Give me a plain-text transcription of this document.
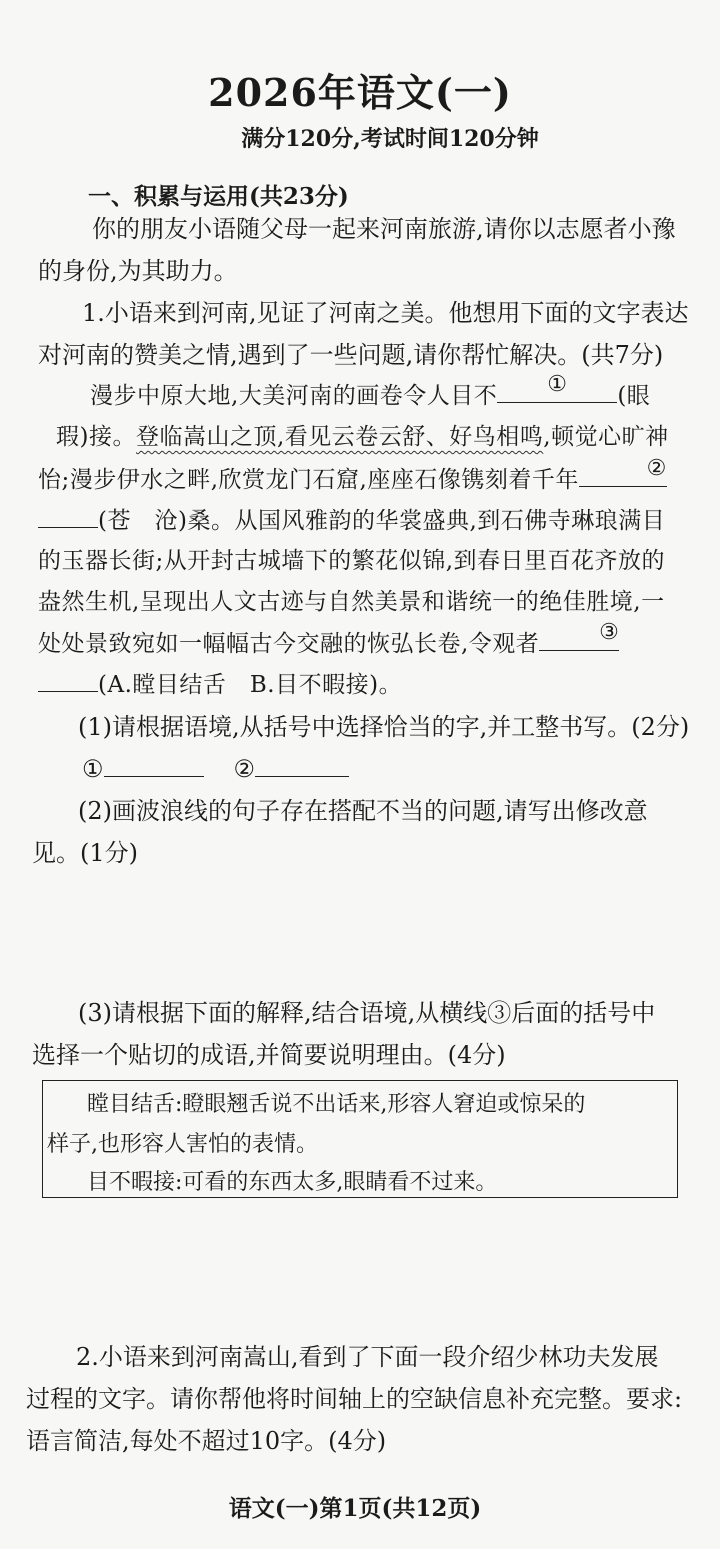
2026年语文(一)
满分120分,考试时间120分钟
一、积累与运用(共23分)
你的朋友小语随父母一起来河南旅游,请你以志愿者小豫
的身份,为其助力。
1.小语来到河南,见证了河南之美。他想用下面的文字表达
对河南的赞美之情,遇到了一些问题,请你帮忙解决。(共7分)
漫步中原大地,大美河南的画卷令人目不	①	(眼
瑕)接。登临嵩山之顶,看见云卷云舒、好鸟相鸣,顿觉心旷神
怡;漫步伊水之畔,欣赏龙门石窟,座座石像镌刻着千年	②
(苍　沧)桑。从国风雅韵的华裳盛典,到石佛寺琳琅满目
的玉器长街;从开封古城墙下的繁花似锦,到春日里百花齐放的
盎然生机,呈现出人文古迹与自然美景和谐统一的绝佳胜境,一
处处景致宛如一幅幅古今交融的恢弘长卷,令观者	③
(A.瞠目结舌　B.目不暇接)。
(1)请根据语境,从括号中选择恰当的字,并工整书写。(2分)
①	②
(2)画波浪线的句子存在搭配不当的问题,请写出修改意
见。(1分)
(3)请根据下面的解释,结合语境,从横线③后面的括号中
选择一个贴切的成语,并简要说明理由。(4分)
瞠目结舌:瞪眼翘舌说不出话来,形容人窘迫或惊呆的
样子,也形容人害怕的表情。
目不暇接:可看的东西太多,眼睛看不过来。
2.小语来到河南嵩山,看到了下面一段介绍少林功夫发展
过程的文字。请你帮他将时间轴上的空缺信息补充完整。要求:
语言简洁,每处不超过10字。(4分)
语文(一)第1页(共12页)
